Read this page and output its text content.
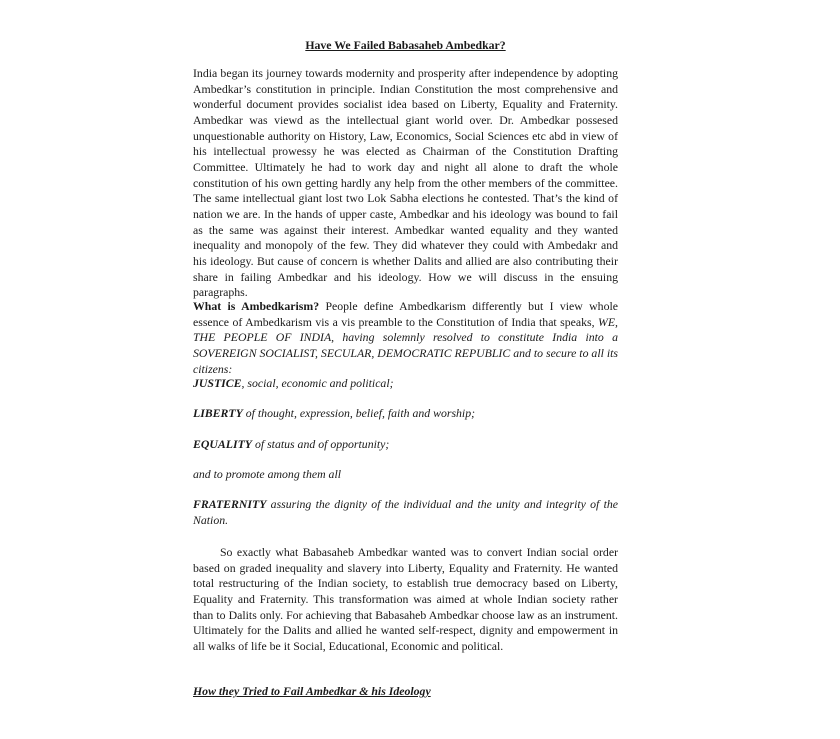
Have We Failed Babasaheb Ambedkar?

India began its journey towards modernity and prosperity after independence by adopting Ambedkar’s constitution in principle. Indian Constitution the most comprehensive and wonderful document provides socialist idea based on Liberty, Equality and Fraternity. Ambedkar was viewd as the intellectual giant world over. Dr. Ambedkar possesed unquestionable authority on History, Law, Economics, Social Sciences etc abd in view of his intellectual prowessy he was elected as Chairman of the Constitution Drafting Committee. Ultimately he had to work day and night all alone to draft the whole constitution of his own getting hardly any help from the other members of the committee. The same intellectual giant lost two Lok Sabha elections he contested. That’s the kind of nation we are. In the hands of upper caste, Ambedkar and his ideology was bound to fail as the same was against their interest. Ambedkar wanted equality and they wanted inequality and monopoly of the few. They did whatever they could with Ambedakr and his ideology. But cause of concern is whether Dalits and allied are also contributing their share in failing Ambedkar and his ideology. How we will discuss in the ensuing paragraphs.

What is Ambedkarism? People define Ambedkarism differently but I view whole essence of Ambedkarism vis a vis preamble to the Constitution of India that speaks, WE, THE PEOPLE OF INDIA, having solemnly resolved to constitute India into a SOVEREIGN SOCIALIST, SECULAR, DEMOCRATIC REPUBLIC and to secure to all its citizens:

JUSTICE, social, economic and political;

LIBERTY of thought, expression, belief, faith and worship;

EQUALITY of status and of opportunity;

and to promote among them all

FRATERNITY assuring the dignity of the individual and the unity and integrity of the Nation.

So exactly what Babasaheb Ambedkar wanted was to convert Indian social order based on graded inequality and slavery into Liberty, Equality and Fraternity. He wanted total restructuring of the Indian society, to establish true democracy based on Liberty, Equality and Fraternity. This transformation was aimed at whole Indian society rather than to Dalits only. For achieving that Babasaheb Ambedkar choose law as an instrument. Ultimately for the Dalits and allied he wanted self-respect, dignity and empowerment in all walks of life be it Social, Educational, Economic and political.

How they Tried to Fail Ambedkar & his Ideology
